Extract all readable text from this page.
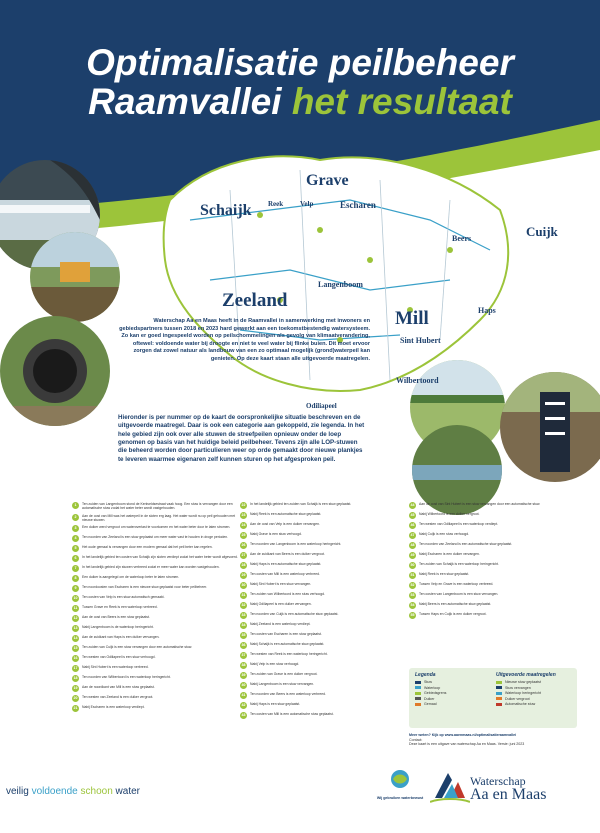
Optimalisatie peilbeheer
Raamvallei het resultaat
Grave
Reek Velp	Escharen
Schaijk
Beers	Cuijk
Zeeland
Langenboom
Haps
Mill
Sint Hubert
Wilbertoord
Odiliapeel

Waterschap Aa en Maas heeft in de Raamvallei in samenwerking met inwoners en gebiedspartners tussen 2018 en 2023 hard gewerkt aan een toekomstbestendig watersysteem. Zo kan er goed ingespeeld worden op peilschommelingen als gevolg van klimaatverandering, oftewel: voldoende water bij droogte en niet te veel water bij flinke buien. Dit moet ervoor zorgen dat zowel natuur als landbouw van een zo optimaal mogelijk (grond)waterpeil kan genieten. Op deze kaart staan alle uitgevoerde maatregelen.

Hieronder is per nummer op de kaart de oorspronkelijke situatie beschreven en de uitgevoerde maatregel. Daar is ook een categorie aan gekoppeld, zie legenda. In het hele gebied zijn ook over alle stuwen de streefpeilen opnieuw onder de loep genomen op basis van het huidige beleid peilbeheer. Tevens zijn alle LOP-stuwen die beheerd worden door particulieren weer op orde gemaakt door nieuwe plankjes te leveren waarmee eigenaren zelf kunnen sturen op het afgesproken peil.

1	Ten zuiden van Langenboom stond de Kerkveldsestraat vaak hoog. Een stuw is vervangen door een automatische stuw zodat het water beter wordt vastgehouden.

2	Aan de oost van Mill was het waterpeil in de sloten erg laag. Het water wordt nu op peil gehouden met nieuwe stuwen.

3	Een duiker werd vergroot om wateroverlast te voorkomen en het water beter door te laten stromen.

4	Ten noorden van Zeeland is een stuw geplaatst om meer water vast te houden in droge perioden.

5	Het oude gemaal is vervangen door een modern gemaal dat het peil beter kan regelen.

6	In het landelijk gebied ten oosten van Schaijk zijn sloten verdiept zodat het water beter wordt afgevoerd.

7	In het landelijk gebied zijn stuwen verbreed zodat er meer water kan worden vastgehouden.

8	Een duiker is aangelegd om de waterloop beter te laten stromen.

9	Ten noordoosten van Escharen is een nieuwe stuw geplaatst voor beter peilbeheer.

10	Ten oosten van Velp is een stuw automatisch gemaakt.

11	Tussen Grave en Reek is een waterloop verbreed.

12	Aan de oost van Beers is een stuw geplaatst.

13	Nabij Langenboom is de waterloop heringericht.

14	Aan de zuidkant van Haps is een duiker vervangen.

15	Ten zuiden van Cuijk is een stuw vervangen door een automatische stuw.

16	Ten westen van Odiliapeel is een stuw verhoogd.

17	Nabij Sint Hubert is een waterloop verbreed.

18	Ten noorden van Wilbertoord is een waterloop heringericht.

19	Aan de noordkant van Mill is een stuw geplaatst.

20	Ten westen van Zeeland is een duiker vergroot.

21	Nabij Escharen is een waterloop verdiept.

22	In het landelijk gebied ten zuiden van Schaijk is een stuw geplaatst.

23	Nabij Reek is een automatische stuw geplaatst.

24	Aan de oost van Velp is een duiker vervangen.

25	Nabij Grave is een stuw verhoogd.

26	Ten noorden van Langenboom is een waterloop heringericht.

27	Aan de zuidkant van Beers is een duiker vergroot.

28	Nabij Haps is een automatische stuw geplaatst.

29	Ten oosten van Mill is een waterloop verbreed.

30	Nabij Sint Hubert is een stuw vervangen.

31	Ten zuiden van Wilbertoord is een stuw verhoogd.

32	Nabij Odiliapeel is een duiker vervangen.

33	Ten noorden van Cuijk is een automatische stuw geplaatst.

34	Nabij Zeeland is een waterloop verdiept.

35	Ten oosten van Escharen is een stuw geplaatst.

36	Nabij Schaijk is een automatische stuw geplaatst.

37	Ten westen van Reek is een waterloop heringericht.

38	Nabij Velp is een stuw verhoogd.

39	Ten zuiden van Grave is een duiker vergroot.

40	Nabij Langenboom is een stuw vervangen.

41	Ten noorden van Beers is een waterloop verbreed.

42	Nabij Haps is een stuw geplaatst.

43	Ten oosten van Mill is een automatische stuw geplaatst.

44	Aan de oost van Sint Hubert is een stuw vervangen door een automatische stuw.

45	Nabij Wilbertoord is een duiker vergroot.

46	Ten westen van Odiliapeel is een waterloop verdiept.

47	Nabij Cuijk is een stuw verhoogd.

48	Ten noorden van Zeeland is een automatische stuw geplaatst.

49	Nabij Escharen is een duiker vervangen.

50	Ten zuiden van Schaijk is een waterloop heringericht.

51	Nabij Reek is een stuw geplaatst.

52	Tussen Velp en Grave is een waterloop verbreed.

53	Ten oosten van Langenboom is een stuw vervangen.

54	Nabij Beers is een automatische stuw geplaatst.

55	Tussen Haps en Cuijk is een duiker vergroot.

Legenda
Stuw
Waterloop
Gebiedsgrens
Duiker
Gemaal
Uitgevoerde maatregelen
Nieuwe stuw geplaatst
Stuw vervangen
Waterloop heringericht
Duiker vergroot
Automatische stuw
Meer weten? Kijk op www.aaenmaas.nl/optimalisatieraamvallei
Contact:
Deze kaart is een uitgave van waterschap Aa en Maas. Versie: juni 2023
veilig voldoende schoon water
Wij gebruiken waterbewust
Waterschap
Aa en Maas
